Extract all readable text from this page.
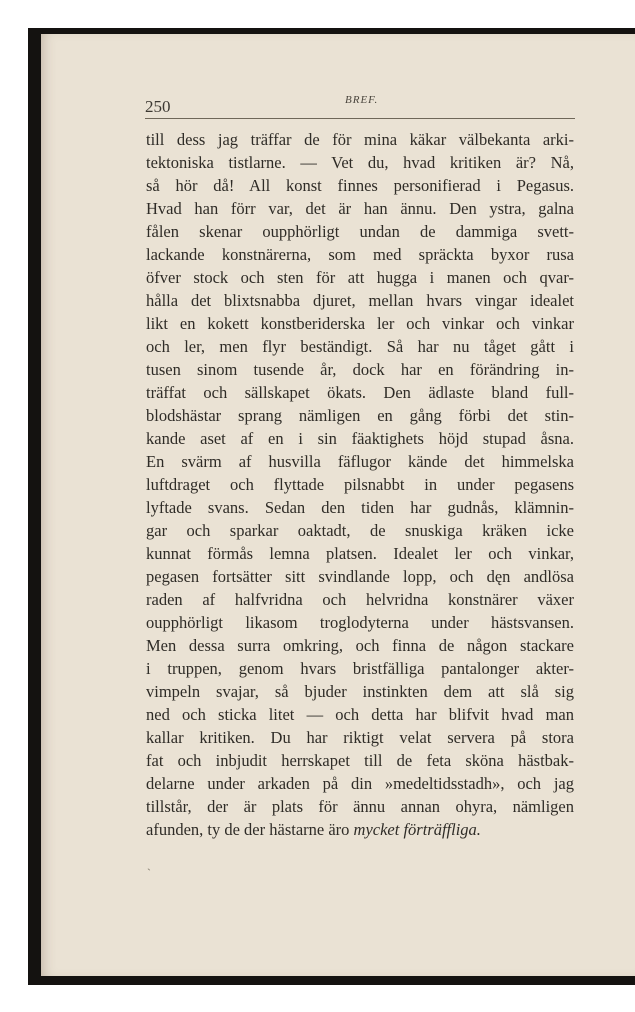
250	BREF.
till dess jag träffar de för mina käkar välbekanta arki-
tektoniska tistlarne. — Vet du, hvad kritiken är? Nå,
så hör då! All konst finnes personifierad i Pegasus.
Hvad han förr var, det är han ännu. Den ystra, galna
fålen skenar oupphörligt undan de dammiga svett-
lackande konstnärerna, som med spräckta byxor rusa
öfver stock och sten för att hugga i manen och qvar-
hålla det blixtsnabba djuret, mellan hvars vingar idealet
likt en kokett konstberiderska ler och vinkar och vinkar
och ler, men flyr beständigt. Så har nu tåget gått i
tusen sinom tusende år, dock har en förändring in-
träffat och sällskapet ökats. Den ädlaste bland full-
blodshästar sprang nämligen en gång förbi det stin-
kande aset af en i sin fäaktighets höjd stupad åsna.
En svärm af husvilla fäflugor kände det himmelska
luftdraget och flyttade pilsnabbt in under pegasens
lyftade svans. Sedan den tiden har gudnås, klämnin-
gar och sparkar oaktadt, de snuskiga kräken icke
kunnat förmås lemna platsen. Idealet ler och vinkar,
pegasen fortsätter sitt svindlande lopp, och dęn andlösa
raden af halfvridna och helvridna konstnärer växer
oupphörligt likasom troglodyterna under hästsvansen.
Men dessa surra omkring, och finna de någon stackare
i truppen, genom hvars bristfälliga pantalonger akter-
vimpeln svajar, så bjuder instinkten dem att slå sig
ned och sticka litet — och detta har blifvit hvad man
kallar kritiken. Du har riktigt velat servera på stora
fat och inbjudit herrskapet till de feta sköna hästbak-
delarne under arkaden på din »medeltidsstadh», och jag
tillstår, der är plats för ännu annan ohyra, nämligen
afunden, ty de der hästarne äro mycket förträffliga.
ˋ
